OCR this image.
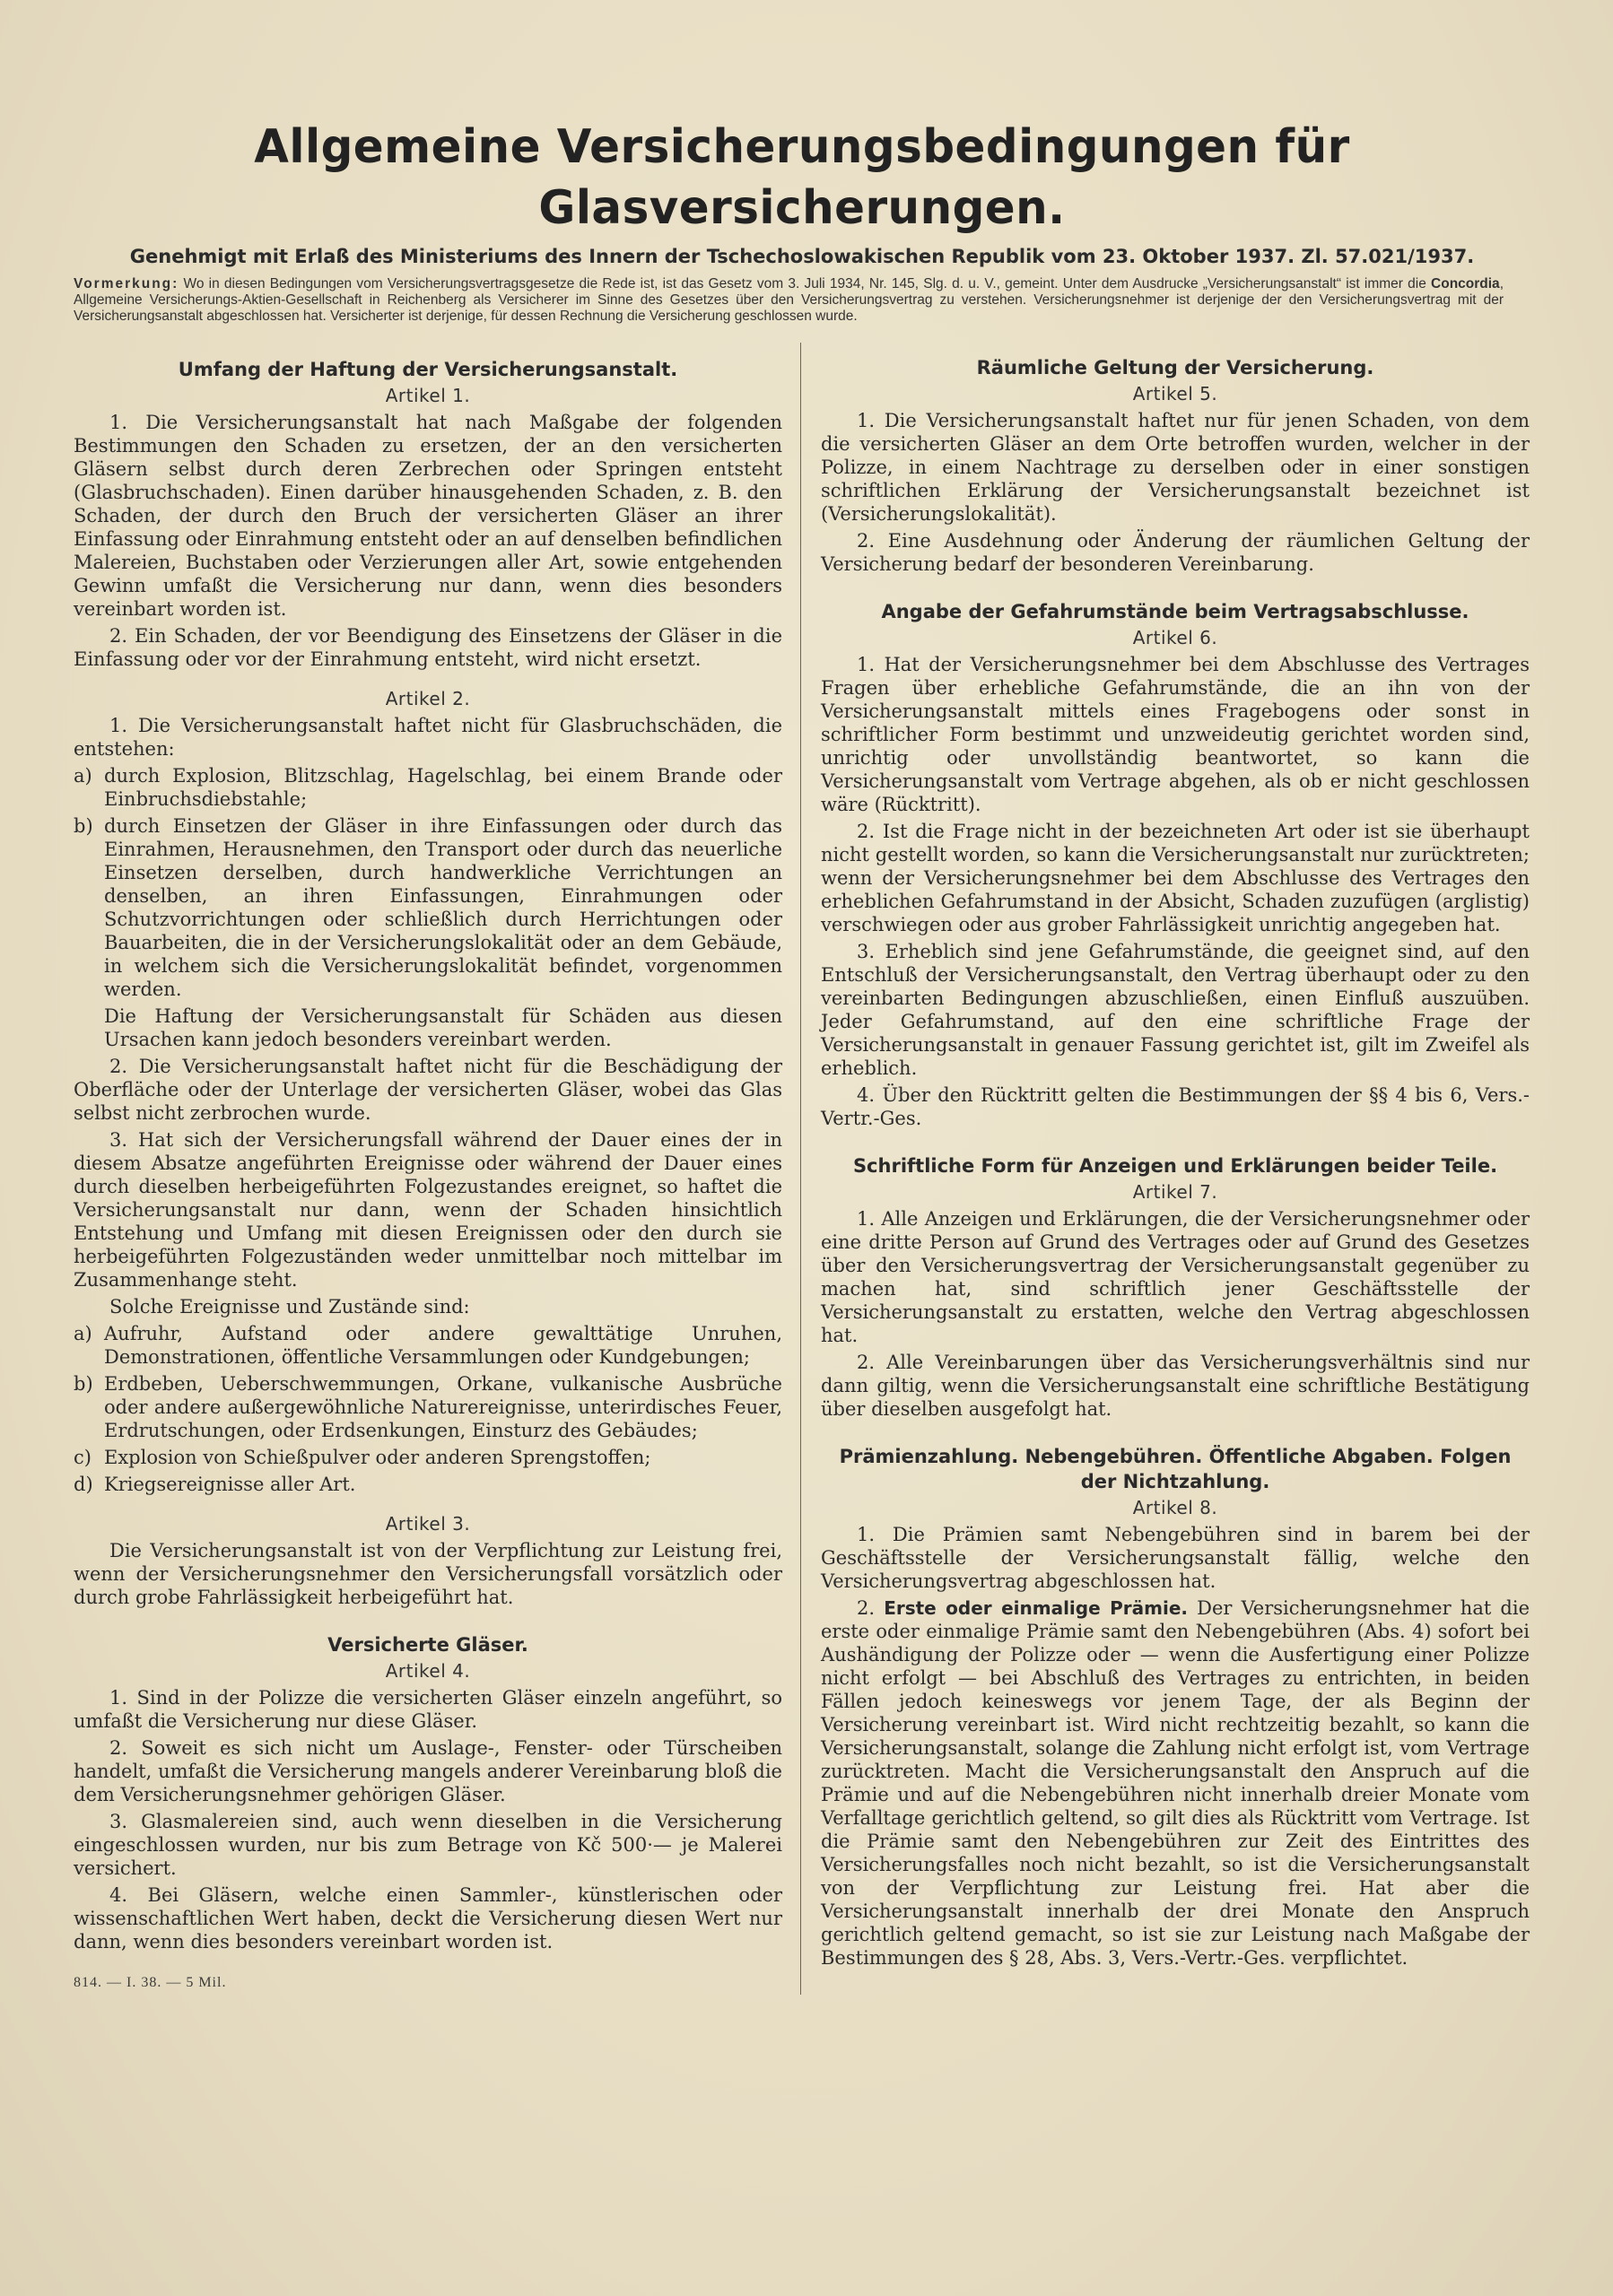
Allgemeine Versicherungsbedingungen für Glasversicherungen.
Genehmigt mit Erlaß des Ministeriums des Innern der Tschechoslowakischen Republik vom 23. Oktober 1937. Zl. 57.021/1937.
Vormerkung: Wo in diesen Bedingungen vom Versicherungsvertragsgesetze die Rede ist, ist das Gesetz vom 3. Juli 1934, Nr. 145, Slg. d. u. V., gemeint. Unter dem Ausdrucke „Versicherungsanstalt“ ist immer die Concordia, Allgemeine Versicherungs-Aktien-Gesellschaft in Reichenberg als Versicherer im Sinne des Gesetzes über den Versicherungsvertrag zu verstehen. Versicherungsnehmer ist derjenige der den Versicherungsvertrag mit der Versicherungsanstalt abgeschlossen hat. Versicherter ist derjenige, für dessen Rechnung die Versicherung geschlossen wurde.
Umfang der Haftung der Versicherungsanstalt.
Artikel 1.

1. Die Versicherungsanstalt hat nach Maßgabe der folgenden Bestimmungen den Schaden zu ersetzen, der an den versicherten Gläsern selbst durch deren Zerbrechen oder Springen entsteht (Glasbruchschaden). Einen darüber hinausgehenden Schaden, z. B. den Schaden, der durch den Bruch der versicherten Gläser an ihrer Einfassung oder Einrahmung entsteht oder an auf denselben befindlichen Malereien, Buchstaben oder Verzierungen aller Art, sowie entgehenden Gewinn umfaßt die Versicherung nur dann, wenn dies besonders vereinbart worden ist.

2. Ein Schaden, der vor Beendigung des Einsetzens der Gläser in die Einfassung oder vor der Einrahmung entsteht, wird nicht ersetzt.

Artikel 2.

1. Die Versicherungsanstalt haftet nicht für Glasbruchschäden, die entstehen:

a) durch Explosion, Blitzschlag, Hagelschlag, bei einem Brande oder Einbruchsdiebstahle;
b) durch Einsetzen der Gläser in ihre Einfassungen oder durch das Einrahmen, Herausnehmen, den Transport oder durch das neuerliche Einsetzen derselben, durch handwerkliche Verrichtungen an denselben, an ihren Einfassungen, Einrahmungen oder Schutzvorrichtungen oder schließlich durch Herrichtungen oder Bauarbeiten, die in der Versicherungslokalität oder an dem Gebäude, in welchem sich die Versicherungslokalität befindet, vorgenommen werden.
Die Haftung der Versicherungsanstalt für Schäden aus diesen Ursachen kann jedoch besonders vereinbart werden.

2. Die Versicherungsanstalt haftet nicht für die Beschädigung der Oberfläche oder der Unterlage der versicherten Gläser, wobei das Glas selbst nicht zerbrochen wurde.

3. Hat sich der Versicherungsfall während der Dauer eines der in diesem Absatze angeführten Ereignisse oder während der Dauer eines durch dieselben herbeigeführten Folgezustandes ereignet, so haftet die Versicherungsanstalt nur dann, wenn der Schaden hinsichtlich Entstehung und Umfang mit diesen Ereignissen oder den durch sie herbeigeführten Folgezuständen weder unmittelbar noch mittelbar im Zusammenhange steht.

Solche Ereignisse und Zustände sind:

a) Aufruhr, Aufstand oder andere gewalttätige Unruhen, Demonstrationen, öffentliche Versammlungen oder Kundgebungen;
b) Erdbeben, Ueberschwemmungen, Orkane, vulkanische Ausbrüche oder andere außergewöhnliche Naturereignisse, unterirdisches Feuer, Erdrutschungen, oder Erdsenkungen, Einsturz des Gebäudes;
c) Explosion von Schießpulver oder anderen Sprengstoffen;
d) Kriegsereignisse aller Art.
Artikel 3.

Die Versicherungsanstalt ist von der Verpflichtung zur Leistung frei, wenn der Versicherungsnehmer den Versicherungsfall vorsätzlich oder durch grobe Fahrlässigkeit herbeigeführt hat.

Versicherte Gläser.
Artikel 4.

1. Sind in der Polizze die versicherten Gläser einzeln angeführt, so umfaßt die Versicherung nur diese Gläser.

2. Soweit es sich nicht um Auslage-, Fenster- oder Türscheiben handelt, umfaßt die Versicherung mangels anderer Vereinbarung bloß die dem Versicherungsnehmer gehörigen Gläser.

3. Glasmalereien sind, auch wenn dieselben in die Versicherung eingeschlossen wurden, nur bis zum Betrage von Kč 500·— je Malerei versichert.

4. Bei Gläsern, welche einen Sammler-, künstlerischen oder wissenschaftlichen Wert haben, deckt die Versicherung diesen Wert nur dann, wenn dies besonders vereinbart worden ist.

814. — I. 38. — 5 Mil.
Räumliche Geltung der Versicherung.
Artikel 5.

1. Die Versicherungsanstalt haftet nur für jenen Schaden, von dem die versicherten Gläser an dem Orte betroffen wurden, welcher in der Polizze, in einem Nachtrage zu derselben oder in einer sonstigen schriftlichen Erklärung der Versicherungsanstalt bezeichnet ist (Versicherungslokalität).

2. Eine Ausdehnung oder Änderung der räumlichen Geltung der Versicherung bedarf der besonderen Vereinbarung.

Angabe der Gefahrumstände beim Vertragsabschlusse.
Artikel 6.

1. Hat der Versicherungsnehmer bei dem Abschlusse des Vertrages Fragen über erhebliche Gefahrumstände, die an ihn von der Versicherungsanstalt mittels eines Fragebogens oder sonst in schriftlicher Form bestimmt und unzweideutig gerichtet worden sind, unrichtig oder unvollständig beantwortet, so kann die Versicherungsanstalt vom Vertrage abgehen, als ob er nicht geschlossen wäre (Rücktritt).

2. Ist die Frage nicht in der bezeichneten Art oder ist sie überhaupt nicht gestellt worden, so kann die Versicherungsanstalt nur zurücktreten; wenn der Versicherungsnehmer bei dem Abschlusse des Vertrages den erheblichen Gefahrumstand in der Absicht, Schaden zuzufügen (arglistig) verschwiegen oder aus grober Fahrlässigkeit unrichtig angegeben hat.

3. Erheblich sind jene Gefahrumstände, die geeignet sind, auf den Entschluß der Versicherungsanstalt, den Vertrag überhaupt oder zu den vereinbarten Bedingungen abzuschließen, einen Einfluß auszuüben. Jeder Gefahrumstand, auf den eine schriftliche Frage der Versicherungsanstalt in genauer Fassung gerichtet ist, gilt im Zweifel als erheblich.

4. Über den Rücktritt gelten die Bestimmungen der §§ 4 bis 6, Vers.-Vertr.-Ges.

Schriftliche Form für Anzeigen und Erklärungen beider Teile.
Artikel 7.

1. Alle Anzeigen und Erklärungen, die der Versicherungsnehmer oder eine dritte Person auf Grund des Vertrages oder auf Grund des Gesetzes über den Versicherungsvertrag der Versicherungsanstalt gegenüber zu machen hat, sind schriftlich jener Geschäftsstelle der Versicherungsanstalt zu erstatten, welche den Vertrag abgeschlossen hat.

2. Alle Vereinbarungen über das Versicherungsverhältnis sind nur dann giltig, wenn die Versicherungsanstalt eine schriftliche Bestätigung über dieselben ausgefolgt hat.

Prämienzahlung. Nebengebühren. Öffentliche Abgaben. Folgen der Nichtzahlung.
Artikel 8.

1. Die Prämien samt Nebengebühren sind in barem bei der Geschäftsstelle der Versicherungsanstalt fällig, welche den Versicherungsvertrag abgeschlossen hat.

2. Erste oder einmalige Prämie. Der Versicherungsnehmer hat die erste oder einmalige Prämie samt den Nebengebühren (Abs. 4) sofort bei Aushändigung der Polizze oder — wenn die Ausfertigung einer Polizze nicht erfolgt — bei Abschluß des Vertrages zu entrichten, in beiden Fällen jedoch keineswegs vor jenem Tage, der als Beginn der Versicherung vereinbart ist. Wird nicht rechtzeitig bezahlt, so kann die Versicherungsanstalt, solange die Zahlung nicht erfolgt ist, vom Vertrage zurücktreten. Macht die Versicherungsanstalt den Anspruch auf die Prämie und auf die Nebengebühren nicht innerhalb dreier Monate vom Verfalltage gerichtlich geltend, so gilt dies als Rücktritt vom Vertrage. Ist die Prämie samt den Nebengebühren zur Zeit des Eintrittes des Versicherungsfalles noch nicht bezahlt, so ist die Versicherungsanstalt von der Verpflichtung zur Leistung frei. Hat aber die Versicherungsanstalt innerhalb der drei Monate den Anspruch gerichtlich geltend gemacht, so ist sie zur Leistung nach Maßgabe der Bestimmungen des § 28, Abs. 3, Vers.-Vertr.-Ges. verpflichtet.
